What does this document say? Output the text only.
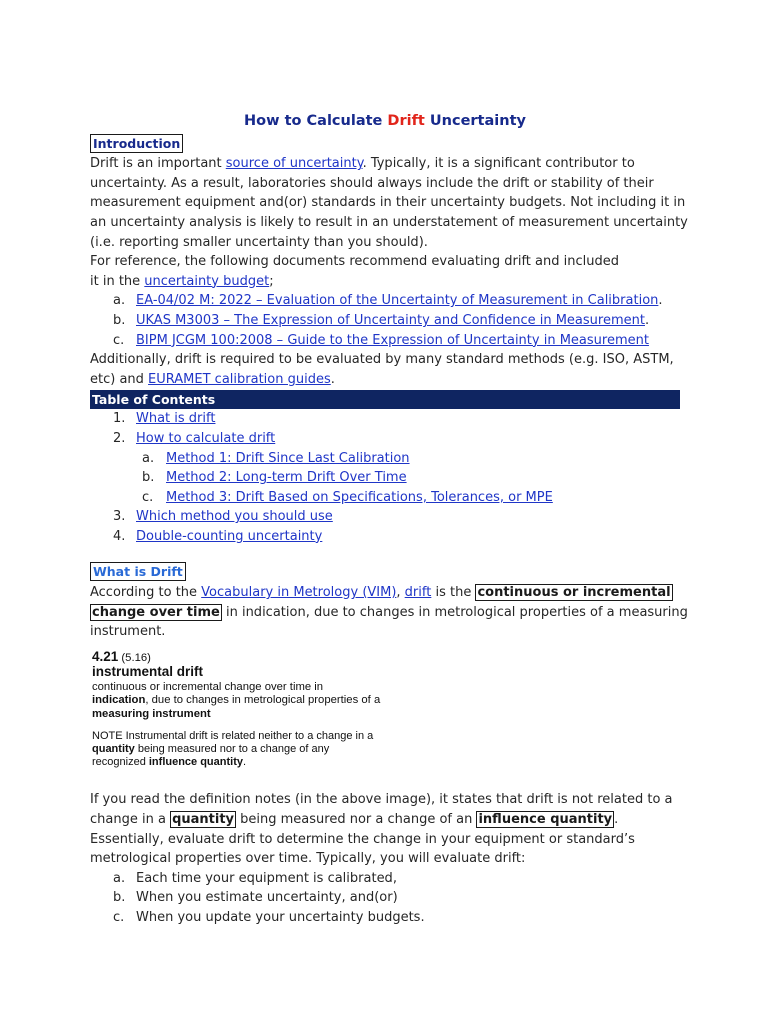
How to Calculate Drift Uncertainty
Introduction

Drift is an important source of uncertainty. Typically, it is a significant contributor to uncertainty. As a result, laboratories should always include the drift or stability of their measurement equipment and(or) standards in their uncertainty budgets. Not including it in an uncertainty analysis is likely to result in an understatement of measurement uncertainty (i.e. reporting smaller uncertainty than you should).

For reference, the following documents recommend evaluating drift and included it in the uncertainty budget;

a. EA-04/02 M: 2022 – Evaluation of the Uncertainty of Measurement in Calibration.
b. UKAS M3003 – The Expression of Uncertainty and Confidence in Measurement.
c. BIPM JCGM 100:2008 – Guide to the Expression of Uncertainty in Measurement

Additionally, drift is required to be evaluated by many standard methods (e.g. ISO, ASTM, etc) and EURAMET calibration guides.

Table of Contents
1. What is drift
2. How to calculate drift
a. Method 1: Drift Since Last Calibration
b. Method 2: Long-term Drift Over Time
c. Method 3: Drift Based on Specifications, Tolerances, or MPE
3. Which method you should use
4. Double-counting uncertainty
What is Drift

According to the Vocabulary in Metrology (VIM), drift is the continuous or incremental change over time in indication, due to changes in metrological properties of a measuring instrument.

4.21 (5.16)
instrumental drift
continuous or incremental change over time in indication, due to changes in metrological properties of a measuring instrument
NOTE Instrumental drift is related neither to a change in a quantity being measured nor to a change of any recognized influence quantity.

If you read the definition notes (in the above image), it states that drift is not related to a change in a quantity being measured nor a change of an influence quantity .

Essentially, evaluate drift to determine the change in your equipment or standard’s metrological properties over time. Typically, you will evaluate drift:

a. Each time your equipment is calibrated,
b. When you estimate uncertainty, and(or)
c. When you update your uncertainty budgets.
